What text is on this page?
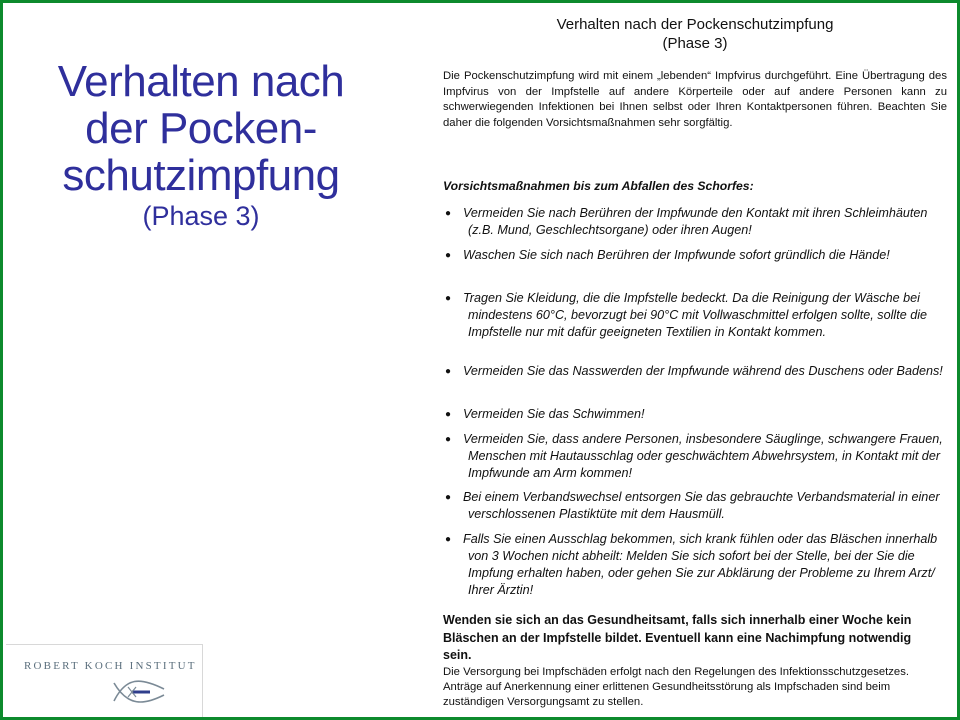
Verhalten nach
der Pocken-
schutzimpfung
(Phase 3)
Verhalten nach der Pockenschutzimpfung
(Phase 3)
Die Pockenschutzimpfung wird mit einem „lebenden“ Impfvirus durchgeführt. Eine Übertragung des Impfvirus von der Impfstelle auf andere Körperteile oder auf andere Personen kann zu schwerwiegenden Infektionen bei Ihnen selbst oder Ihren Kontaktpersonen führen. Beachten Sie daher die folgenden Vorsichtsmaßnahmen sehr sorgfältig.
Vorsichtsmaßnahmen bis zum Abfallen des Schorfes:
● Vermeiden Sie nach Berühren der Impfwunde den Kontakt mit ihren Schleimhäuten (z.B. Mund, Geschlechtsorgane) oder ihren Augen!
● Waschen Sie sich nach Berühren der Impfwunde sofort gründlich die Hände!
● Tragen Sie Kleidung, die die Impfstelle bedeckt. Da die Reinigung der Wäsche bei mindestens 60°C, bevorzugt bei 90°C mit Vollwaschmittel erfolgen sollte, sollte die Impfstelle nur mit dafür geeigneten Textilien in Kontakt kommen.
● Vermeiden Sie das Nasswerden der Impfwunde während des Duschens oder Badens!
● Vermeiden Sie das Schwimmen!
● Vermeiden Sie, dass andere Personen, insbesondere Säuglinge, schwangere Frauen, Menschen mit Hautausschlag oder geschwächtem Abwehrsystem, in Kontakt mit der Impfwunde am Arm kommen!
● Bei einem Verbandswechsel entsorgen Sie das gebrauchte Verbandsmaterial in einer verschlossenen Plastiktüte mit dem Hausmüll.
● Falls Sie einen Ausschlag bekommen, sich krank fühlen oder das Bläschen innerhalb von 3 Wochen nicht abheilt: Melden Sie sich sofort bei der Stelle, bei der Sie die Impfung erhalten haben, oder gehen Sie zur Abklärung der Probleme zu Ihrem Arzt/ Ihrer Ärztin!
Wenden sie sich an das Gesundheitsamt, falls sich innerhalb einer Woche kein Bläschen an der Impfstelle bildet. Eventuell kann eine Nachimpfung notwendig sein.
Die Versorgung bei Impfschäden erfolgt nach den Regelungen des Infektionsschutzgesetzes. Anträge auf Anerkennung einer erlittenen Gesundheitsstörung als Impfschaden sind beim zuständigen Versorgungsamt zu stellen.
ROBERT KOCH INSTITUT
